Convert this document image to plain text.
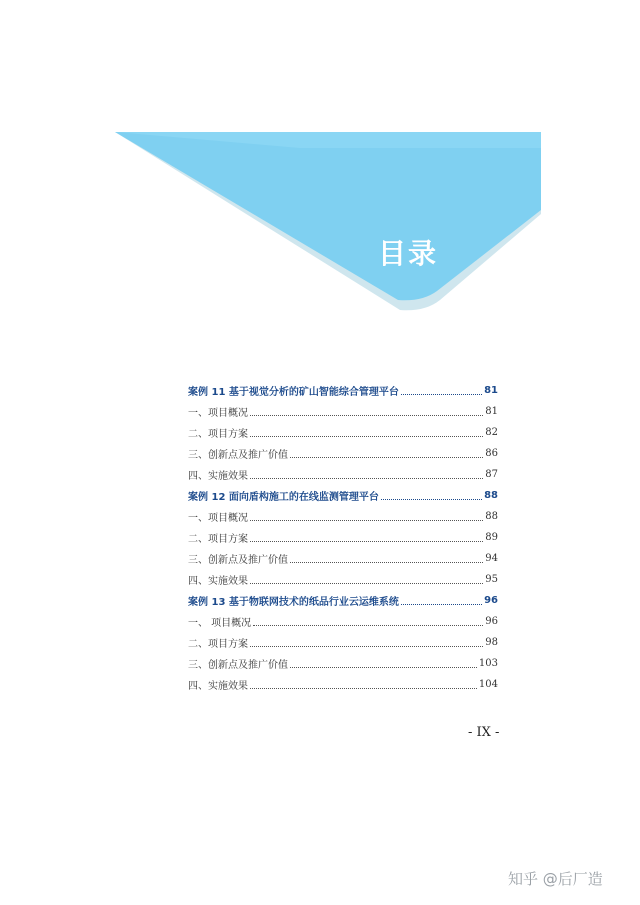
目录
案例 11 基于视觉分析的矿山智能综合管理平台	81
一、项目概况	81
二、项目方案	82
三、创新点及推广价值	86
四、实施效果	87
案例 12 面向盾构施工的在线监测管理平台	88
一、项目概况	88
二、项目方案	89
三、创新点及推广价值	94
四、实施效果	95
案例 13 基于物联网技术的纸品行业云运维系统	96
一、 项目概况	96
二、项目方案	98
三、创新点及推广价值	103
四、实施效果	104
- IX -
知乎 @后厂造
